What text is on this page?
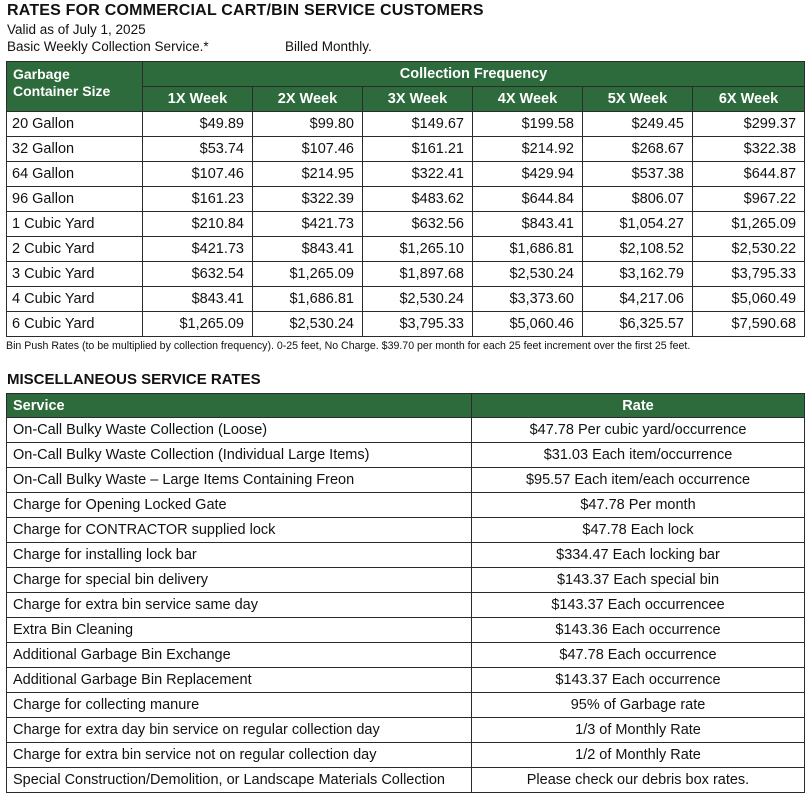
RATES FOR COMMERCIAL CART/BIN SERVICE CUSTOMERS
Valid as of July 1, 2025
Basic Weekly Collection Service.*	Billed Monthly.
Garbage Container Size	Collection Frequency					
	1X Week	2X Week	3X Week	4X Week	5X Week	6X Week
20 Gallon	$49.89	$99.80	$149.67	$199.58	$249.45	$299.37
32 Gallon	$53.74	$107.46	$161.21	$214.92	$268.67	$322.38
64 Gallon	$107.46	$214.95	$322.41	$429.94	$537.38	$644.87
96 Gallon	$161.23	$322.39	$483.62	$644.84	$806.07	$967.22
1 Cubic Yard	$210.84	$421.73	$632.56	$843.41	$1,054.27	$1,265.09
2 Cubic Yard	$421.73	$843.41	$1,265.10	$1,686.81	$2,108.52	$2,530.22
3 Cubic Yard	$632.54	$1,265.09	$1,897.68	$2,530.24	$3,162.79	$3,795.33
4 Cubic Yard	$843.41	$1,686.81	$2,530.24	$3,373.60	$4,217.06	$5,060.49
6 Cubic Yard	$1,265.09	$2,530.24	$3,795.33	$5,060.46	$6,325.57	$7,590.68
Bin Push Rates (to be multiplied by collection frequency). 0-25 feet, No Charge. $39.70 per month for each 25 feet increment over the first 25 feet.
MISCELLANEOUS SERVICE RATES
Service	Rate
On-Call Bulky Waste Collection (Loose)	$47.78 Per cubic yard/occurrence
On-Call Bulky Waste Collection (Individual Large Items)	$31.03 Each item/occurrence
On-Call Bulky Waste – Large Items Containing Freon	$95.57 Each item/each occurrence
Charge for Opening Locked Gate	$47.78 Per month
Charge for CONTRACTOR supplied lock	$47.78 Each lock
Charge for installing lock bar	$334.47 Each locking bar
Charge for special bin delivery	$143.37 Each special bin
Charge for extra bin service same day	$143.37 Each occurrencee
Extra Bin Cleaning	$143.36 Each occurrence
Additional Garbage Bin Exchange	$47.78 Each occurrence
Additional Garbage Bin Replacement	$143.37 Each occurrence
Charge for collecting manure	95% of Garbage rate
Charge for extra day bin service on regular collection day	1/3 of Monthly Rate
Charge for extra bin service not on regular collection day	1/2 of Monthly Rate
Special Construction/Demolition, or Landscape Materials Collection	Please check our debris box rates.
